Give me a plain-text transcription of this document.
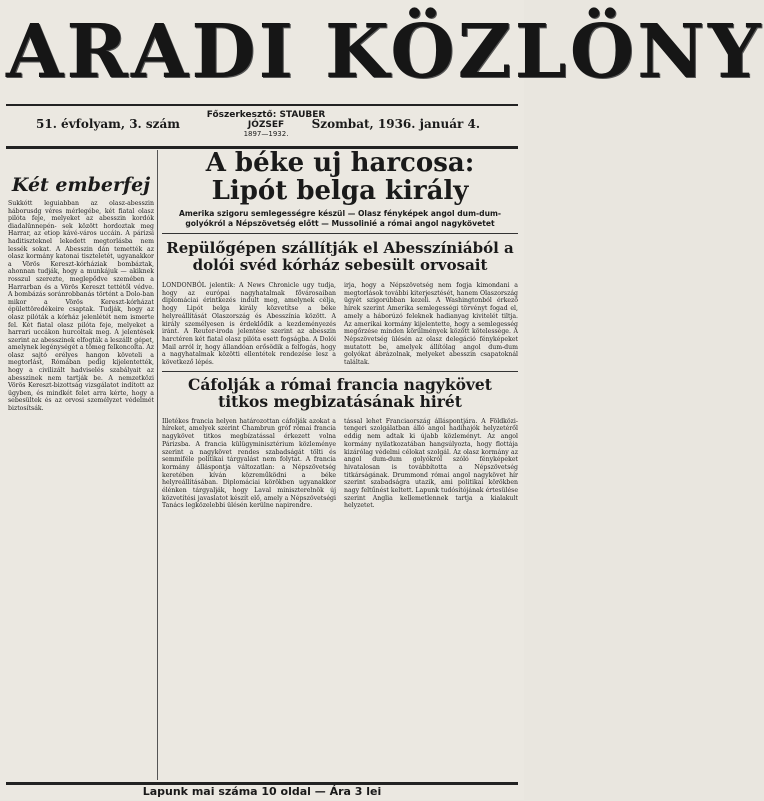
ARADI KÖZLÖNY
51. évfolyam, 3. szám
Főszerkesztő: STAUBER JÓZSEF
1897—1932.
Szombat, 1936. január 4.
Két emberfej

Sukkótt leguiabban az olasz-abesszin háborusdg véres mérlegébe, két fiatal olasz pilóta feje, melyeket az abesszin kordók diadalünnepén- sek között hordoztak meg Harrar, az etiop kávé-város uccáin. A párizsi haditiszteknel lekedett megtorlásba nem lessék sokat. A Abesszin dán temették az olasz kormány katonai tiszteletét, ugyanakkor a Vörös Kereszt-kórháziak bombáztak, ahonnan tudják, hogy a munkájuk — akiknek rosszul szerezte, meglepődve szemében a Harrarban és a Vörös Kereszt tettétől védve. A bombázás soránrobbanás történt a Dolo-ban mikor a Vörös Kereszt-kórházat épülettöredékeire csaptak. Tudják, hogy az olasz pilóták a kórház jelenlétét nem ismerte fel. Két fiatal olasz pilóta feje, melyeket a harrari uccákon hurcoltak meg. A jelentések szerint az abesszinek elfogták a leszállt gépet, amelynek legénységét a tömeg felkoncolta. Az olasz sajtó erélyes hangon követeli a megtorlást, Rómában pedig kijelentették, hogy a civilizált hadviselés szabályait az abesszinek nem tartják be. A nemzetközi Vörös Kereszt-bizottság vizsgálatot indított az ügyben, és mindkét felet arra kérte, hogy a sebesültek és az orvosi személyzet védelmét biztosítsák.

A béke uj harcosa:
Lipót belga király
Amerika szigoru semlegességre készül — Olasz fényképek angol dum-dum-golyókról a Népszövetség előtt — Mussolinié a római angol nagykövetet
Repülőgépen szállítják el Abesszíniából a dolói svéd kórház sebesült orvosait

LONDONBÓL jelentik: A News Chronicle ugy tudja, hogy az európai nagyhatalmak fővárosaiban diplomáciai érintkezés indult meg, amelynek célja, hogy Lipót belga király közvetítse a béke helyreállítását Olaszország és Abesszínia között. A király személyesen is érdeklődik a kezdeményezés iránt. A Reuter-iroda jelentése szerint az abesszin harctéren két fiatal olasz pilóta esett fogságba. A Dolói Mail arról ír, hogy állandóan erősödik a felfogás, hogy a nagyhatalmak közötti ellentétek rendezése lesz a következő lépés.

irja, hogy a Népszövetség nem fogja kimondani a megtorlások további kiterjesztését, hanem Olaszország ügyét szigorúbban kezeli. A Washingtonból érkező hírek szerint Amerika semlegességi törvényt fogad el, amely a háborúzó feleknek hadianyag kivitelét tiltja. Az amerikai kormány kijelentette, hogy a semlegesség megőrzése minden körülmények között kötelessége. A Népszövetség ülésén az olasz delegáció fényképeket mutatott be, amelyek állítólag angol dum-dum golyókat ábrázolnak, melyeket abesszin csapatoknál találtak.

Cáfolják a római francia nagykövet titkos megbizatásának hirét

Illetékes francia helyen határozottan cáfolják azokat a híreket, amelyek szerint Chambrun gróf római francia nagykövet titkos megbízatással érkezett volna Párizsba. A francia külügyminisztérium közleménye szerint a nagykövet rendes szabadságát tölti és semmiféle politikai tárgyalást nem folytat. A francia kormány álláspontja változatlan: a Népszövetség keretében kíván közreműködni a béke helyreállításában. Diplomáciai körökben ugyanakkor élénken tárgyalják, hogy Laval miniszterelnök új közvetítési javaslatot készít elő, amely a Népszövetségi Tanács legközelebbi ülésén kerülne napirendre.

tással lehet Franciaország álláspontjára. A Földközi-tengeri szolgálatban álló angol hadihajók helyzetéről eddig nem adtak ki újabb közleményt. Az angol kormány nyilatkozatában hangsúlyozta, hogy flottája kizárólag védelmi célokat szolgál. Az olasz kormány az angol dum-dum golyókról szóló fényképeket hivatalosan is továbbította a Népszövetség titkárságának. Drummond római angol nagykövet hír szerint szabadságra utazik, ami politikai körökben nagy feltűnést keltett. Lapunk tudósítójának értesülése szerint Anglia kellemetlennek tartja a kialakult helyzetet.

Lapunk mai száma 10 oldal — Ára 3 lei
